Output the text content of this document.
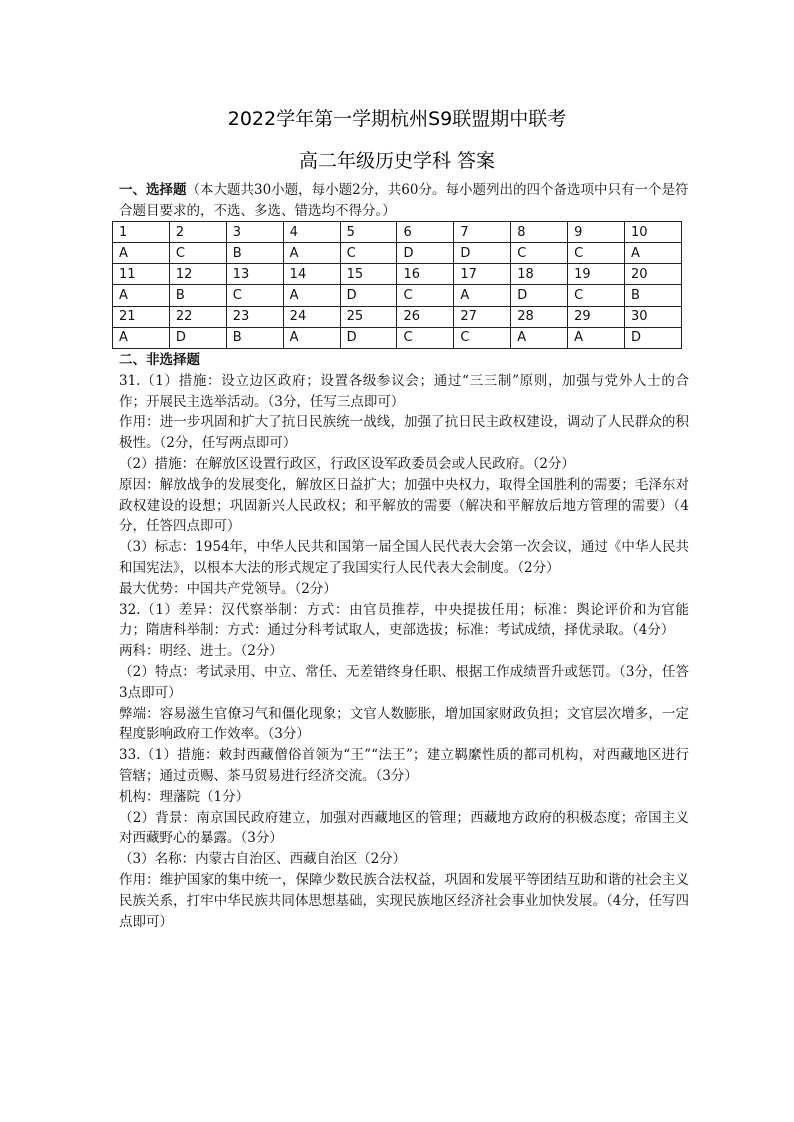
2022学年第一学期杭州S9联盟期中联考
高二年级历史学科 答案
一、选择题（本大题共30小题，每小题2分，共60分。每小题列出的四个备选项中只有一个是符合题目要求的，不选、多选、错选均不得分。）
1	2	3	4	5	6	7	8	9	10
A	C	B	A	C	D	D	C	C	A
11	12	13	14	15	16	17	18	19	20
A	B	C	A	D	C	A	D	C	B
21	22	23	24	25	26	27	28	29	30
A	D	B	A	D	C	C	A	A	D

二、非选择题

31.（1）措施：设立边区政府；设置各级参议会；通过“三三制”原则，加强与党外人士的合作；开展民主选举活动。（3分，任写三点即可）

作用：进一步巩固和扩大了抗日民族统一战线，加强了抗日民主政权建设，调动了人民群众的积极性。（2分，任写两点即可）

（2）措施：在解放区设置行政区，行政区设军政委员会或人民政府。（2分）

原因：解放战争的发展变化，解放区日益扩大；加强中央权力，取得全国胜利的需要；毛泽东对政权建设的设想；巩固新兴人民政权；和平解放的需要（解决和平解放后地方管理的需要）（4分，任答四点即可）

（3）标志：1954年，中华人民共和国第一届全国人民代表大会第一次会议，通过《中华人民共和国宪法》，以根本大法的形式规定了我国实行人民代表大会制度。（2分）

最大优势：中国共产党领导。（2分）

32.（1）差异：汉代察举制：方式：由官员推荐，中央提拔任用；标准：舆论评价和为官能力；隋唐科举制：方式：通过分科考试取人，吏部选拔；标准：考试成绩，择优录取。（4分）

两科：明经、进士。（2分）

（2）特点：考试录用、中立、常任、无差错终身任职、根据工作成绩晋升或惩罚。（3分，任答3点即可）

弊端：容易滋生官僚习气和僵化现象；文官人数膨胀，增加国家财政负担；文官层次增多，一定程度影响政府工作效率。（3分）

33.（1）措施：敕封西藏僧俗首领为“王”“法王”；建立羁縻性质的都司机构，对西藏地区进行管辖；通过贡赐、茶马贸易进行经济交流。（3分）

机构：理藩院（1分）

（2）背景：南京国民政府建立，加强对西藏地区的管理；西藏地方政府的积极态度；帝国主义对西藏野心的暴露。（3分）

（3）名称：内蒙古自治区、西藏自治区（2分）

作用：维护国家的集中统一，保障少数民族合法权益，巩固和发展平等团结互助和谐的社会主义民族关系，打牢中华民族共同体思想基础，实现民族地区经济社会事业加快发展。（4分，任写四点即可）
